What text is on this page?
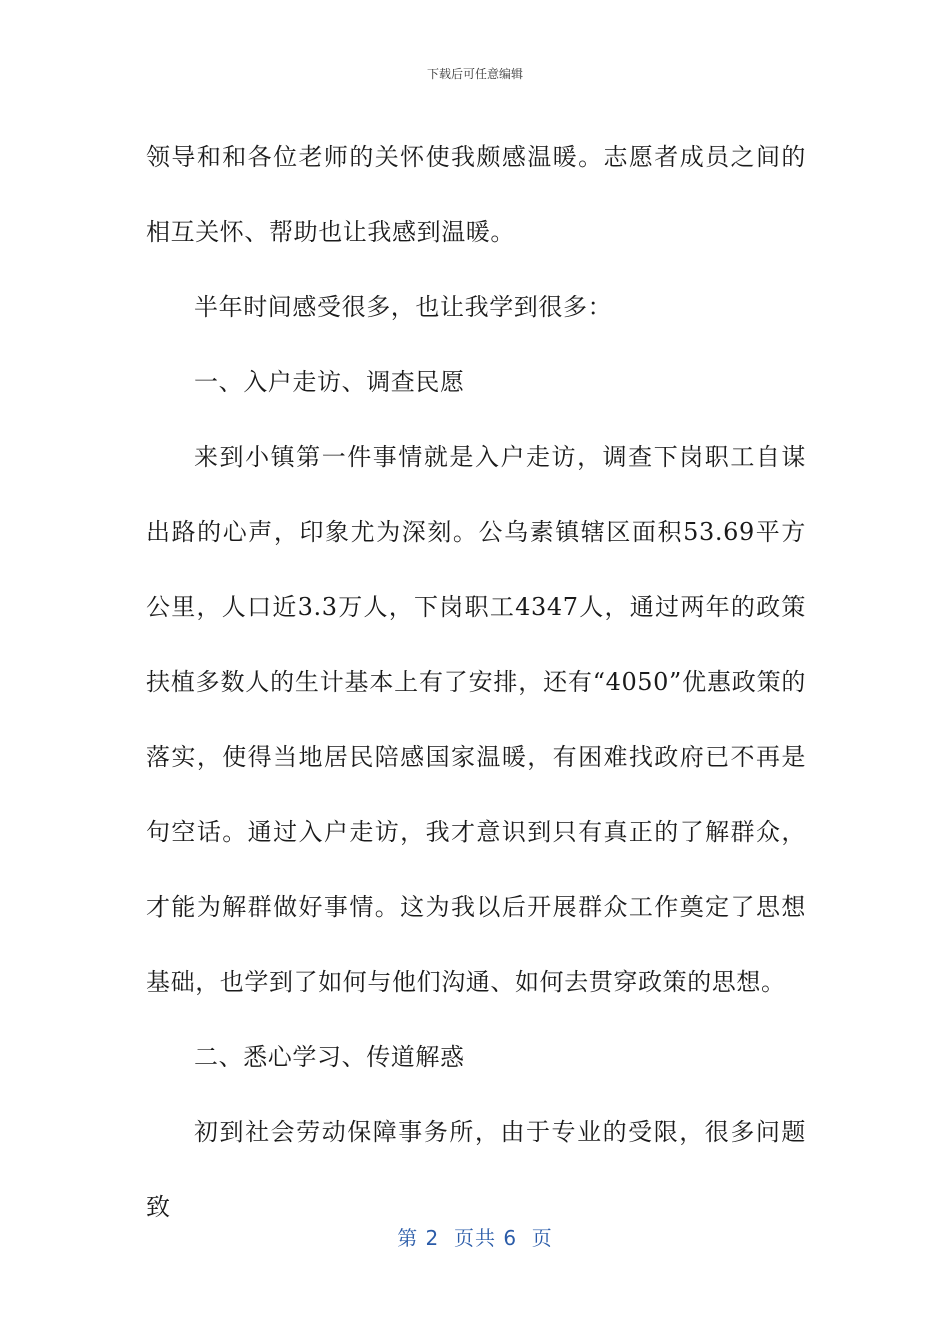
下载后可任意编辑

领导和和各位老师的关怀使我颇感温暖。志愿者成员之间的相互关怀、帮助也让我感到温暖。

半年时间感受很多，也让我学到很多：

一、入户走访、调查民愿

来到小镇第一件事情就是入户走访，调查下岗职工自谋出路的心声，印象尤为深刻。公乌素镇辖区面积53.69平方公里，人口近3.3万人，下岗职工4347人，通过两年的政策扶植多数人的生计基本上有了安排，还有“4050”优惠政策的落实，使得当地居民陪感国家温暖，有困难找政府已不再是句空话。通过入户走访，我才意识到只有真正的了解群众，才能为解群做好事情。这为我以后开展群众工作奠定了思想基础，也学到了如何与他们沟通、如何去贯穿政策的思想。

二、悉心学习、传道解惑

初到社会劳动保障事务所，由于专业的受限，很多问题致

第 2  页共 6  页
